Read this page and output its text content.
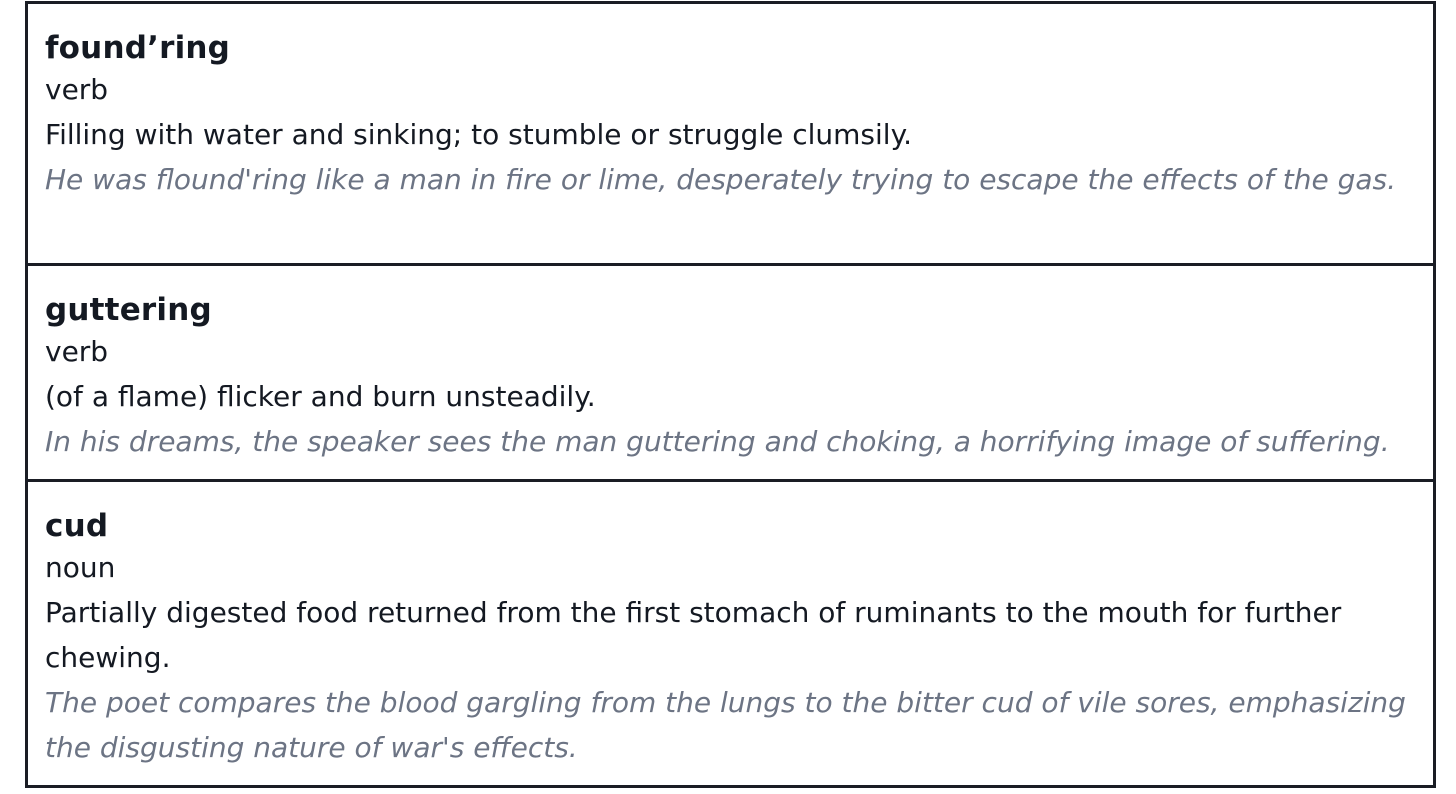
found’ring

verb

Filling with water and sinking; to stumble or struggle clumsily.

He was flound'ring like a man in fire or lime, desperately trying to escape the effects of the gas.

guttering

verb

(of a flame) flicker and burn unsteadily.

In his dreams, the speaker sees the man guttering and choking, a horrifying image of suffering.

cud

noun

Partially digested food returned from the first stomach of ruminants to the mouth for further chewing.

The poet compares the blood gargling from the lungs to the bitter cud of vile sores, emphasizing the disgusting nature of war's effects.
